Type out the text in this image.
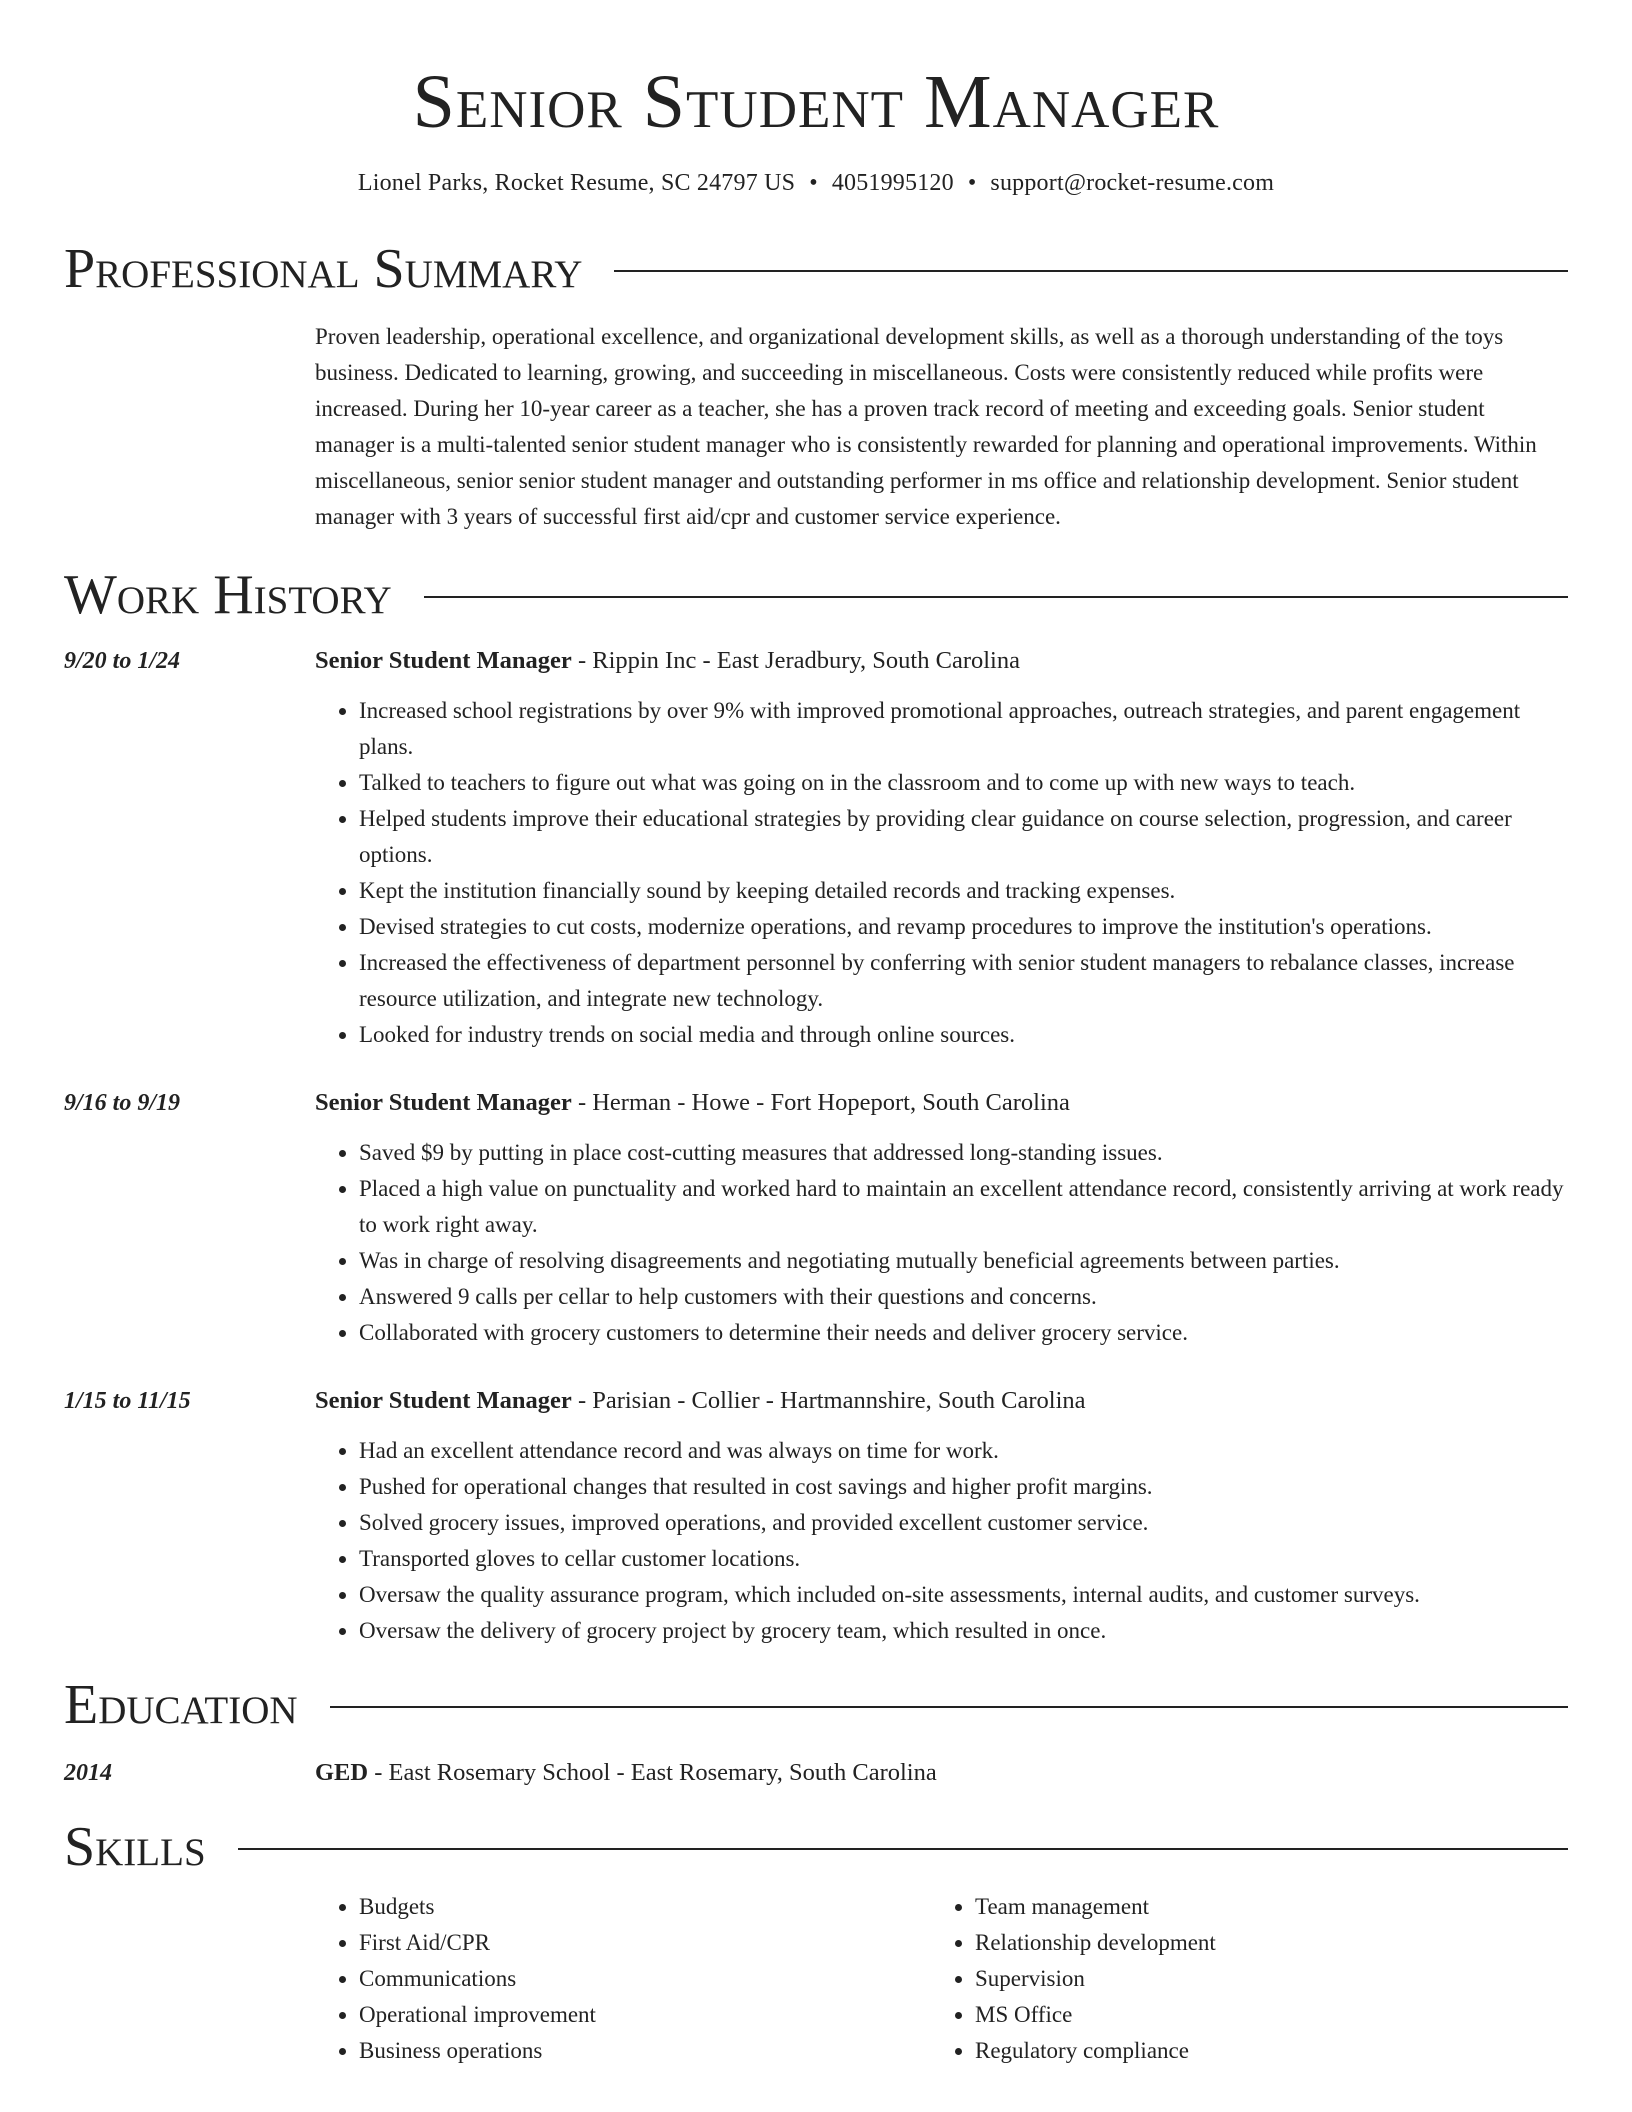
Senior Student Manager
Lionel Parks, Rocket Resume, SC 24797 US • 4051995120 • support@rocket-resume.com
Professional Summary
Proven leadership, operational excellence, and organizational development skills, as well as a thorough understanding of the toys business. Dedicated to learning, growing, and succeeding in miscellaneous. Costs were consistently reduced while profits were increased. During her 10-year career as a teacher, she has a proven track record of meeting and exceeding goals. Senior student manager is a multi-talented senior student manager who is consistently rewarded for planning and operational improvements. Within miscellaneous, senior senior student manager and outstanding performer in ms office and relationship development. Senior student manager with 3 years of successful first aid/cpr and customer service experience.
Work History
9/20 to 1/24	Senior Student Manager - Rippin Inc - East Jeradbury, South Carolina
• Increased school registrations by over 9% with improved promotional approaches, outreach strategies, and parent engagement plans.
• Talked to teachers to figure out what was going on in the classroom and to come up with new ways to teach.
• Helped students improve their educational strategies by providing clear guidance on course selection, progression, and career options.
• Kept the institution financially sound by keeping detailed records and tracking expenses.
• Devised strategies to cut costs, modernize operations, and revamp procedures to improve the institution's operations.
• Increased the effectiveness of department personnel by conferring with senior student managers to rebalance classes, increase resource utilization, and integrate new technology.
• Looked for industry trends on social media and through online sources.
9/16 to 9/19	Senior Student Manager - Herman - Howe - Fort Hopeport, South Carolina
• Saved $9 by putting in place cost-cutting measures that addressed long-standing issues.
• Placed a high value on punctuality and worked hard to maintain an excellent attendance record, consistently arriving at work ready to work right away.
• Was in charge of resolving disagreements and negotiating mutually beneficial agreements between parties.
• Answered 9 calls per cellar to help customers with their questions and concerns.
• Collaborated with grocery customers to determine their needs and deliver grocery service.
1/15 to 11/15	Senior Student Manager - Parisian - Collier - Hartmannshire, South Carolina
• Had an excellent attendance record and was always on time for work.
• Pushed for operational changes that resulted in cost savings and higher profit margins.
• Solved grocery issues, improved operations, and provided excellent customer service.
• Transported gloves to cellar customer locations.
• Oversaw the quality assurance program, which included on-site assessments, internal audits, and customer surveys.
• Oversaw the delivery of grocery project by grocery team, which resulted in once.
Education
2014	GED - East Rosemary School - East Rosemary, South Carolina
Skills
• Budgets
• First Aid/CPR
• Communications
• Operational improvement
• Business operations
• Team management
• Relationship development
• Supervision
• MS Office
• Regulatory compliance
